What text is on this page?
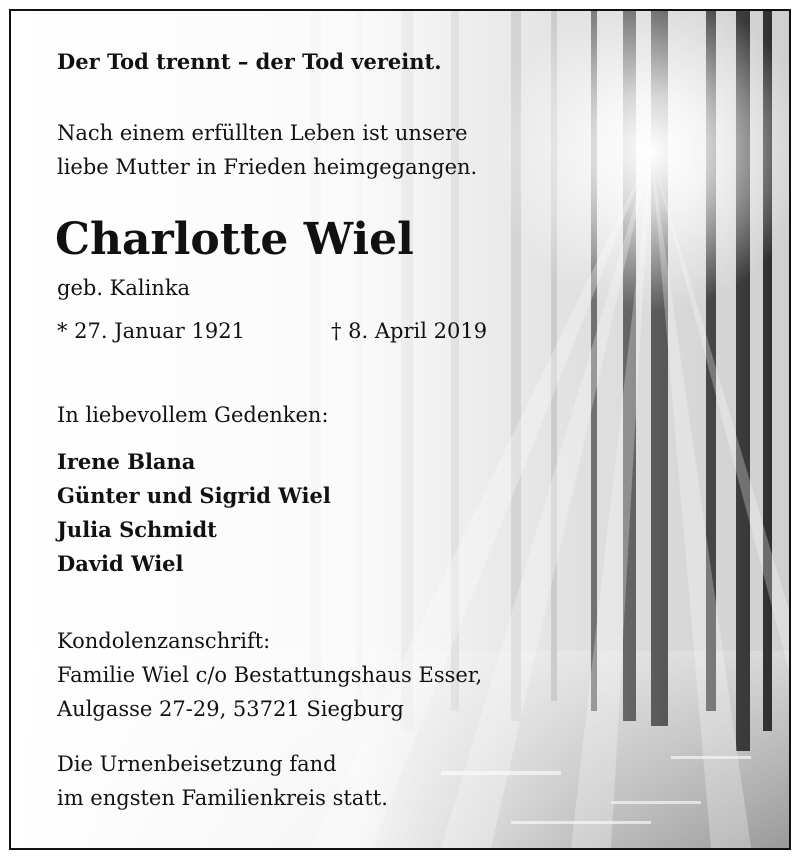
Der Tod trennt – der Tod vereint.
Nach einem erfüllten Leben ist unsere
liebe Mutter in Frieden heimgegangen.
Charlotte Wiel
geb. Kalinka
* 27. Januar 1921	† 8. April 2019
In liebevollem Gedenken:
Irene Blana
Günter und Sigrid Wiel
Julia Schmidt
David Wiel
Kondolenzanschrift:
Familie Wiel c/o Bestattungshaus Esser,
Aulgasse 27-29, 53721 Siegburg
Die Urnenbeisetzung fand
im engsten Familienkreis statt.
